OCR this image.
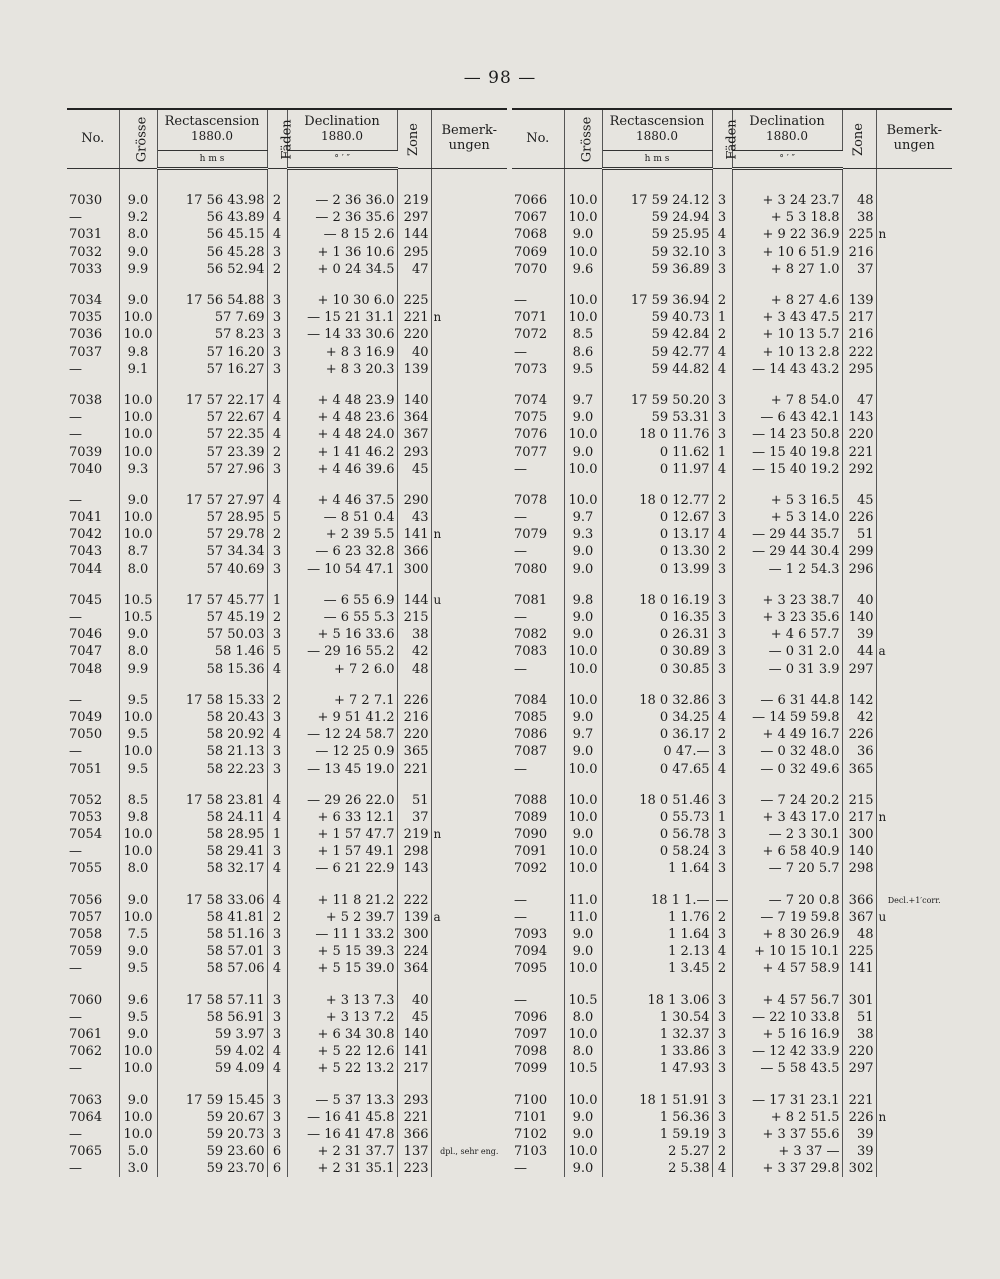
— 98 —
No.	Grösse	Rectascension
1880.0	Fäden	Declination
1880.0	Zone	Bemerk-ungen
		h m s		° ′ ″		

7030	9.0	17 56 43.98	2	— 2 36 36.0	219	
—	9.2	56 43.89	4	— 2 36 35.6	297	
7031	8.0	56 45.15	4	— 8 15 2.6	144	
7032	9.0	56 45.28	3	+ 1 36 10.6	295	
7033	9.9	56 52.94	2	+ 0 24 34.5	47	

7034	9.0	17 56 54.88	3	+ 10 30 6.0	225	
7035	10.0	57 7.69	3	— 15 21 31.1	221	n
7036	10.0	57 8.23	3	— 14 33 30.6	220	
7037	9.8	57 16.20	3	+ 8 3 16.9	40	
—	9.1	57 16.27	3	+ 8 3 20.3	139	

7038	10.0	17 57 22.17	4	+ 4 48 23.9	140	
—	10.0	57 22.67	4	+ 4 48 23.6	364	
—	10.0	57 22.35	4	+ 4 48 24.0	367	
7039	10.0	57 23.39	2	+ 1 41 46.2	293	
7040	9.3	57 27.96	3	+ 4 46 39.6	45	

—	9.0	17 57 27.97	4	+ 4 46 37.5	290	
7041	10.0	57 28.95	5	— 8 51 0.4	43	
7042	10.0	57 29.78	2	+ 2 39 5.5	141	n
7043	8.7	57 34.34	3	— 6 23 32.8	366	
7044	8.0	57 40.69	3	— 10 54 47.1	300	

7045	10.5	17 57 45.77	1	— 6 55 6.9	144	u
—	10.5	57 45.19	2	— 6 55 5.3	215	
7046	9.0	57 50.03	3	+ 5 16 33.6	38	
7047	8.0	58 1.46	5	— 29 16 55.2	42	
7048	9.9	58 15.36	4	+ 7 2 6.0	48	

—	9.5	17 58 15.33	2	+ 7 2 7.1	226	
7049	10.0	58 20.43	3	+ 9 51 41.2	216	
7050	9.5	58 20.92	4	— 12 24 58.7	220	
—	10.0	58 21.13	3	— 12 25 0.9	365	
7051	9.5	58 22.23	3	— 13 45 19.0	221	

7052	8.5	17 58 23.81	4	— 29 26 22.0	51	
7053	9.8	58 24.11	4	+ 6 33 12.1	37	
7054	10.0	58 28.95	1	+ 1 57 47.7	219	n
—	10.0	58 29.41	3	+ 1 57 49.1	298	
7055	8.0	58 32.17	4	— 6 21 22.9	143	

7056	9.0	17 58 33.06	4	+ 11 8 21.2	222	
7057	10.0	58 41.81	2	+ 5 2 39.7	139	a
7058	7.5	58 51.16	3	— 11 1 33.2	300	
7059	9.0	58 57.01	3	+ 5 15 39.3	224	
—	9.5	58 57.06	4	+ 5 15 39.0	364	

7060	9.6	17 58 57.11	3	+ 3 13 7.3	40	
—	9.5	58 56.91	3	+ 3 13 7.2	45	
7061	9.0	59 3.97	3	+ 6 34 30.8	140	
7062	10.0	59 4.02	4	+ 5 22 12.6	141	
—	10.0	59 4.09	4	+ 5 22 13.2	217	

7063	9.0	17 59 15.45	3	— 5 37 13.3	293	
7064	10.0	59 20.67	3	— 16 41 45.8	221	
—	10.0	59 20.73	3	— 16 41 47.8	366	
7065	5.0	59 23.60	6	+ 2 31 37.7	137	dpl., sehr eng.
—	3.0	59 23.70	6	+ 2 31 35.1	223	
No.	Grösse	Rectascension
1880.0	Fäden	Declination
1880.0	Zone	Bemerk-ungen
		h m s		° ′ ″		

7066	10.0	17 59 24.12	3	+ 3 24 23.7	48	
7067	10.0	59 24.94	3	+ 5 3 18.8	38	
7068	9.0	59 25.95	4	+ 9 22 36.9	225	n
7069	10.0	59 32.10	3	+ 10 6 51.9	216	
7070	9.6	59 36.89	3	+ 8 27 1.0	37	

—	10.0	17 59 36.94	2	+ 8 27 4.6	139	
7071	10.0	59 40.73	1	+ 3 43 47.5	217	
7072	8.5	59 42.84	2	+ 10 13 5.7	216	
—	8.6	59 42.77	4	+ 10 13 2.8	222	
7073	9.5	59 44.82	4	— 14 43 43.2	295	

7074	9.7	17 59 50.20	3	+ 7 8 54.0	47	
7075	9.0	59 53.31	3	— 6 43 42.1	143	
7076	10.0	18 0 11.76	3	— 14 23 50.8	220	
7077	9.0	0 11.62	1	— 15 40 19.8	221	
—	10.0	0 11.97	4	— 15 40 19.2	292	

7078	10.0	18 0 12.77	2	+ 5 3 16.5	45	
—	9.7	0 12.67	3	+ 5 3 14.0	226	
7079	9.3	0 13.17	4	— 29 44 35.7	51	
—	9.0	0 13.30	2	— 29 44 30.4	299	
7080	9.0	0 13.99	3	— 1 2 54.3	296	

7081	9.8	18 0 16.19	3	+ 3 23 38.7	40	
—	9.0	0 16.35	3	+ 3 23 35.6	140	
7082	9.0	0 26.31	3	+ 4 6 57.7	39	
7083	10.0	0 30.89	3	— 0 31 2.0	44	a
—	10.0	0 30.85	3	— 0 31 3.9	297	

7084	10.0	18 0 32.86	3	— 6 31 44.8	142	
7085	9.0	0 34.25	4	— 14 59 59.8	42	
7086	9.7	0 36.17	2	+ 4 49 16.7	226	
7087	9.0	0 47.—	3	— 0 32 48.0	36	
—	10.0	0 47.65	4	— 0 32 49.6	365	

7088	10.0	18 0 51.46	3	— 7 24 20.2	215	
7089	10.0	0 55.73	1	+ 3 43 17.0	217	n
7090	9.0	0 56.78	3	— 2 3 30.1	300	
7091	10.0	0 58.24	3	+ 6 58 40.9	140	
7092	10.0	1 1.64	3	— 7 20 5.7	298	

—	11.0	18 1 1.—	—	— 7 20 0.8	366	Decl.+1′corr.
—	11.0	1 1.76	2	— 7 19 59.8	367	u
7093	9.0	1 1.64	3	+ 8 30 26.9	48	
7094	9.0	1 2.13	4	+ 10 15 10.1	225	
7095	10.0	1 3.45	2	+ 4 57 58.9	141	

—	10.5	18 1 3.06	3	+ 4 57 56.7	301	
7096	8.0	1 30.54	3	— 22 10 33.8	51	
7097	10.0	1 32.37	3	+ 5 16 16.9	38	
7098	8.0	1 33.86	3	— 12 42 33.9	220	
7099	10.5	1 47.93	3	— 5 58 43.5	297	

7100	10.0	18 1 51.91	3	— 17 31 23.1	221	
7101	9.0	1 56.36	3	+ 8 2 51.5	226	n
7102	9.0	1 59.19	3	+ 3 37 55.6	39	
7103	10.0	2 5.27	2	+ 3 37 —	39	
—	9.0	2 5.38	4	+ 3 37 29.8	302	
